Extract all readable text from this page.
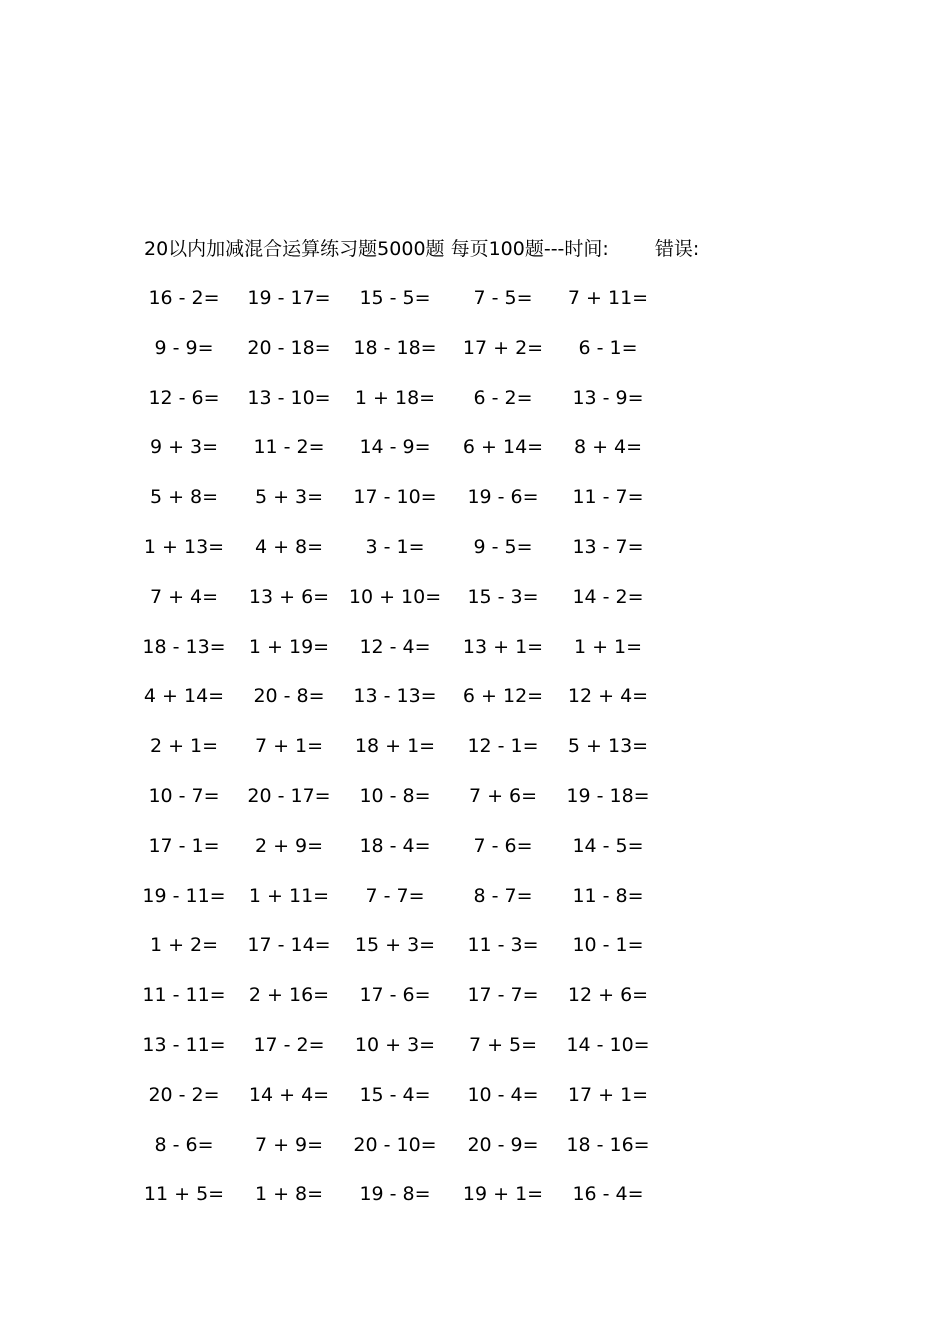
20以内加减混合运算练习题5000题 每页100题---时间: 错误:
16 - 2=	19 - 17=	15 - 5=	7 - 5=	7 + 11=
9 - 9=	20 - 18=	18 - 18=	17 + 2=	6 - 1=
12 - 6=	13 - 10=	1 + 18=	6 - 2=	13 - 9=
9 + 3=	11 - 2=	14 - 9=	6 + 14=	8 + 4=
5 + 8=	5 + 3=	17 - 10=	19 - 6=	11 - 7=
1 + 13=	4 + 8=	3 - 1=	9 - 5=	13 - 7=
7 + 4=	13 + 6=	10 + 10=	15 - 3=	14 - 2=
18 - 13=	1 + 19=	12 - 4=	13 + 1=	1 + 1=
4 + 14=	20 - 8=	13 - 13=	6 + 12=	12 + 4=
2 + 1=	7 + 1=	18 + 1=	12 - 1=	5 + 13=
10 - 7=	20 - 17=	10 - 8=	7 + 6=	19 - 18=
17 - 1=	2 + 9=	18 - 4=	7 - 6=	14 - 5=
19 - 11=	1 + 11=	7 - 7=	8 - 7=	11 - 8=
1 + 2=	17 - 14=	15 + 3=	11 - 3=	10 - 1=
11 - 11=	2 + 16=	17 - 6=	17 - 7=	12 + 6=
13 - 11=	17 - 2=	10 + 3=	7 + 5=	14 - 10=
20 - 2=	14 + 4=	15 - 4=	10 - 4=	17 + 1=
8 - 6=	7 + 9=	20 - 10=	20 - 9=	18 - 16=
11 + 5=	1 + 8=	19 - 8=	19 + 1=	16 - 4=
